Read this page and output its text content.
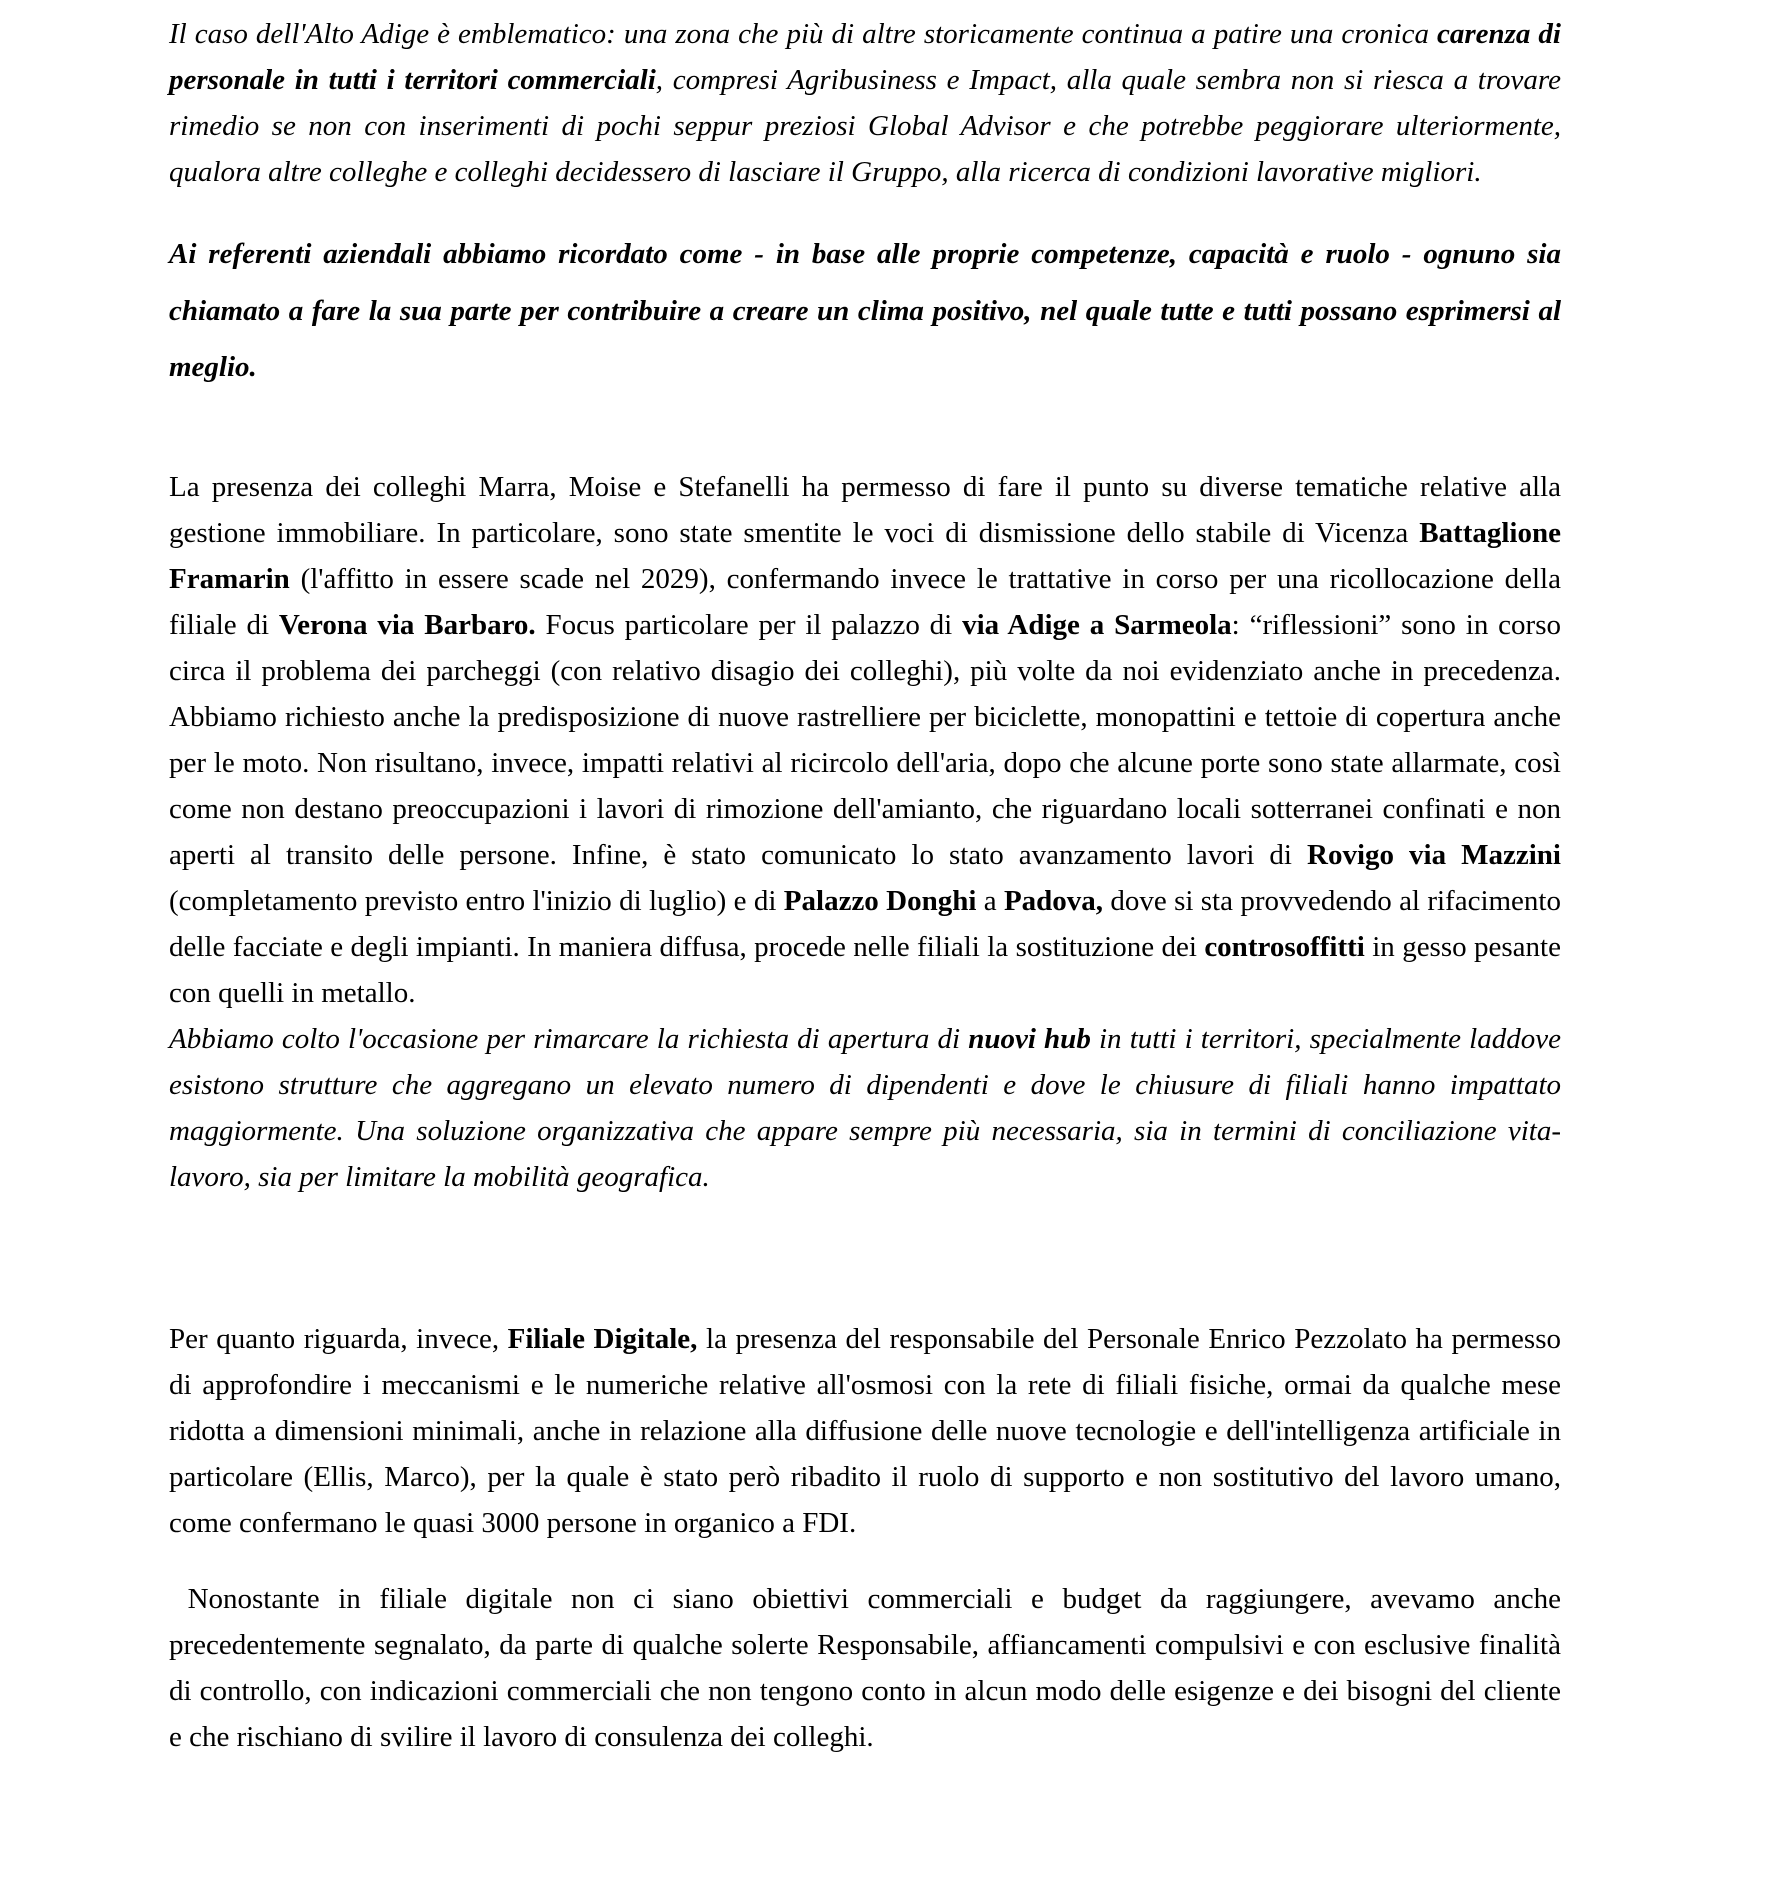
Il caso dell'Alto Adige è emblematico: una zona che più di altre storicamente continua a patire una cronica carenza di personale in tutti i territori commerciali, compresi Agribusiness e Impact, alla quale sembra non si riesca a trovare rimedio se non con inserimenti di pochi seppur preziosi Global Advisor e che potrebbe peggiorare ulteriormente, qualora altre colleghe e colleghi decidessero di lasciare il Gruppo, alla ricerca di condizioni lavorative migliori.

Ai referenti aziendali abbiamo ricordato come - in base alle proprie competenze, capacità e ruolo - ognuno sia chiamato a fare la sua parte per contribuire a creare un clima positivo, nel quale tutte e tutti possano esprimersi al meglio.

La presenza dei colleghi Marra, Moise e Stefanelli ha permesso di fare il punto su diverse tematiche relative alla gestione immobiliare. In particolare, sono state smentite le voci di dismissione dello stabile di Vicenza Battaglione Framarin (l'affitto in essere scade nel 2029), confermando invece le trattative in corso per una ricollocazione della filiale di Verona via Barbaro. Focus particolare per il palazzo di via Adige a Sarmeola: “riflessioni” sono in corso circa il problema dei parcheggi (con relativo disagio dei colleghi), più volte da noi evidenziato anche in precedenza. Abbiamo richiesto anche la predisposizione di nuove rastrelliere per biciclette, monopattini e tettoie di copertura anche per le moto. Non risultano, invece, impatti relativi al ricircolo dell'aria, dopo che alcune porte sono state allarmate, così come non destano preoccupazioni i lavori di rimozione dell'amianto, che riguardano locali sotterranei confinati e non aperti al transito delle persone. Infine, è stato comunicato lo stato avanzamento lavori di Rovigo via Mazzini (completamento previsto entro l'inizio di luglio) e di Palazzo Donghi a Padova, dove si sta provvedendo al rifacimento delle facciate e degli impianti. In maniera diffusa, procede nelle filiali la sostituzione dei controsoffitti in gesso pesante con quelli in metallo.

Abbiamo colto l'occasione per rimarcare la richiesta di apertura di nuovi hub in tutti i territori, specialmente laddove esistono strutture che aggregano un elevato numero di dipendenti e dove le chiusure di filiali hanno impattato maggiormente. Una soluzione organizzativa che appare sempre più necessaria, sia in termini di conciliazione vita-lavoro, sia per limitare la mobilità geografica.

Per quanto riguarda, invece, Filiale Digitale, la presenza del responsabile del Personale Enrico Pezzolato ha permesso di approfondire i meccanismi e le numeriche relative all'osmosi con la rete di filiali fisiche, ormai da qualche mese ridotta a dimensioni minimali, anche in relazione alla diffusione delle nuove tecnologie e dell'intelligenza artificiale in particolare (Ellis, Marco), per la quale è stato però ribadito il ruolo di supporto e non sostitutivo del lavoro umano, come confermano le quasi 3000 persone in organico a FDI.

Nonostante in filiale digitale non ci siano obiettivi commerciali e budget da raggiungere, avevamo anche precedentemente segnalato, da parte di qualche solerte Responsabile, affiancamenti compulsivi e con esclusive finalità di controllo, con indicazioni commerciali che non tengono conto in alcun modo delle esigenze e dei bisogni del cliente e che rischiano di svilire il lavoro di consulenza dei colleghi.
